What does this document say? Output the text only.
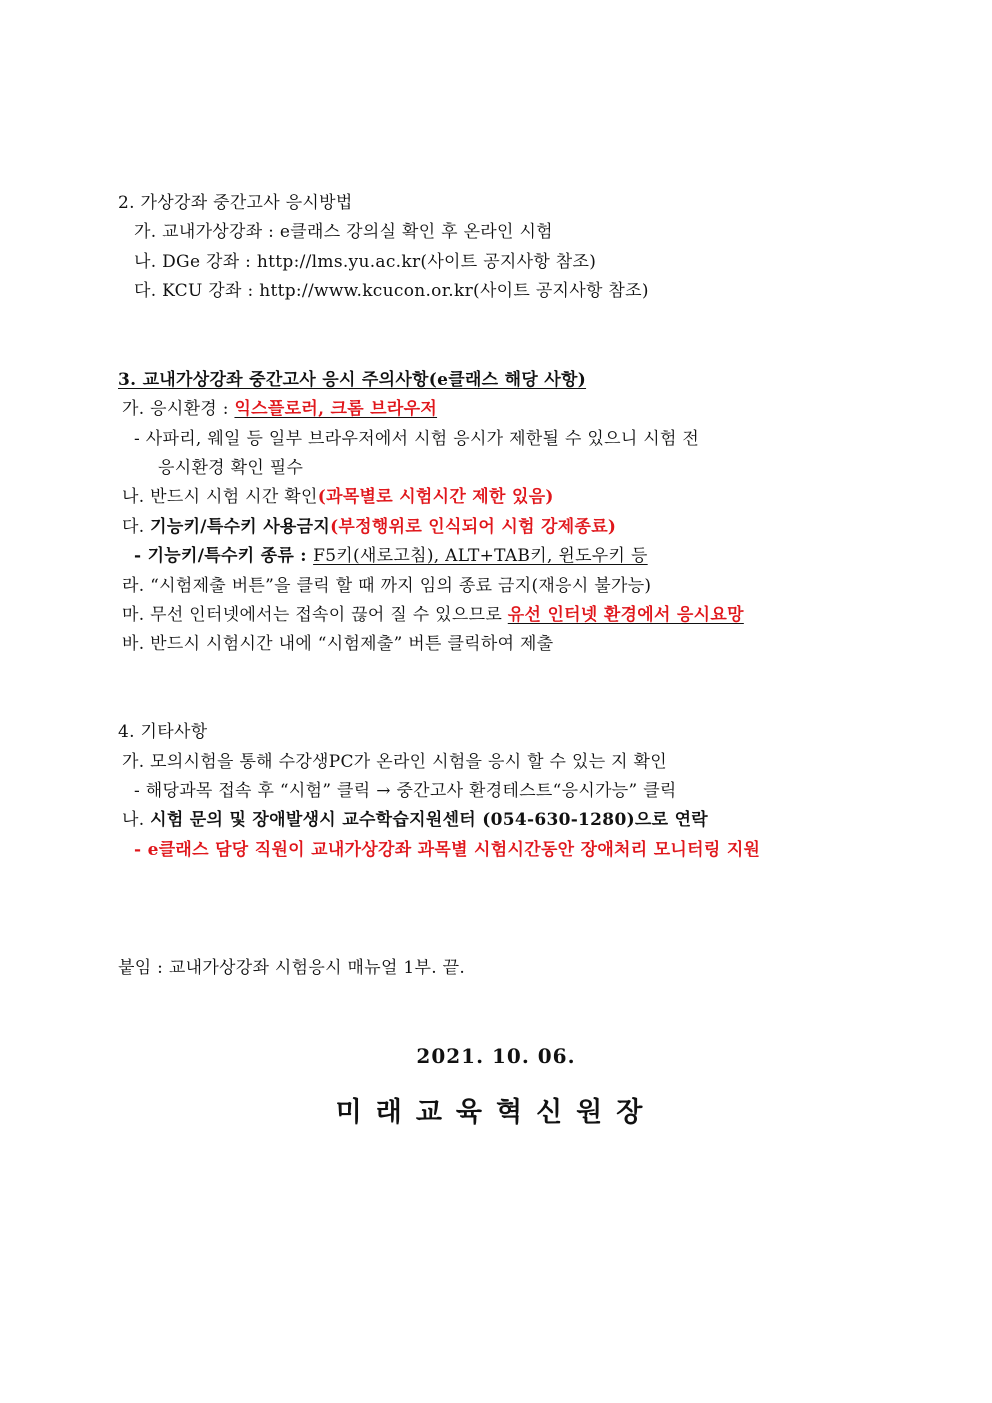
2. 가상강좌 중간고사 응시방법
가. 교내가상강좌 : e클래스 강의실 확인 후 온라인 시험
나. DGe 강좌 : http://lms.yu.ac.kr(사이트 공지사항 참조)
다. KCU 강좌 : http://www.kcucon.or.kr(사이트 공지사항 참조)
3. 교내가상강좌 중간고사 응시 주의사항(e클래스 해당 사항)
가. 응시환경 : 익스플로러, 크롬 브라우저
- 사파리, 웨일 등 일부 브라우저에서 시험 응시가 제한될 수 있으니 시험 전
응시환경 확인 필수
나. 반드시 시험 시간 확인(과목별로 시험시간 제한 있음)
다. 기능키/특수키 사용금지(부정행위로 인식되어 시험 강제종료)
- 기능키/특수키 종류 : F5키(새로고침), ALT+TAB키, 윈도우키 등
라. “시험제출 버튼”을 클릭 할 때 까지 임의 종료 금지(재응시 불가능)
마. 무선 인터넷에서는 접속이 끊어 질 수 있으므로 유선 인터넷 환경에서 응시요망
바. 반드시 시험시간 내에 “시험제출” 버튼 클릭하여 제출
4. 기타사항
가. 모의시험을 통해 수강생PC가 온라인 시험을 응시 할 수 있는 지 확인
- 해당과목 접속 후 “시험” 클릭 → 중간고사 환경테스트“응시가능” 클릭
나. 시험 문의 및 장애발생시 교수학습지원센터 (054-630-1280)으로 연락
- e클래스 담당 직원이 교내가상강좌 과목별 시험시간동안 장애처리 모니터링 지원
붙임 : 교내가상강좌 시험응시 매뉴얼 1부. 끝.
2021. 10. 06.
미래교육혁신원장
